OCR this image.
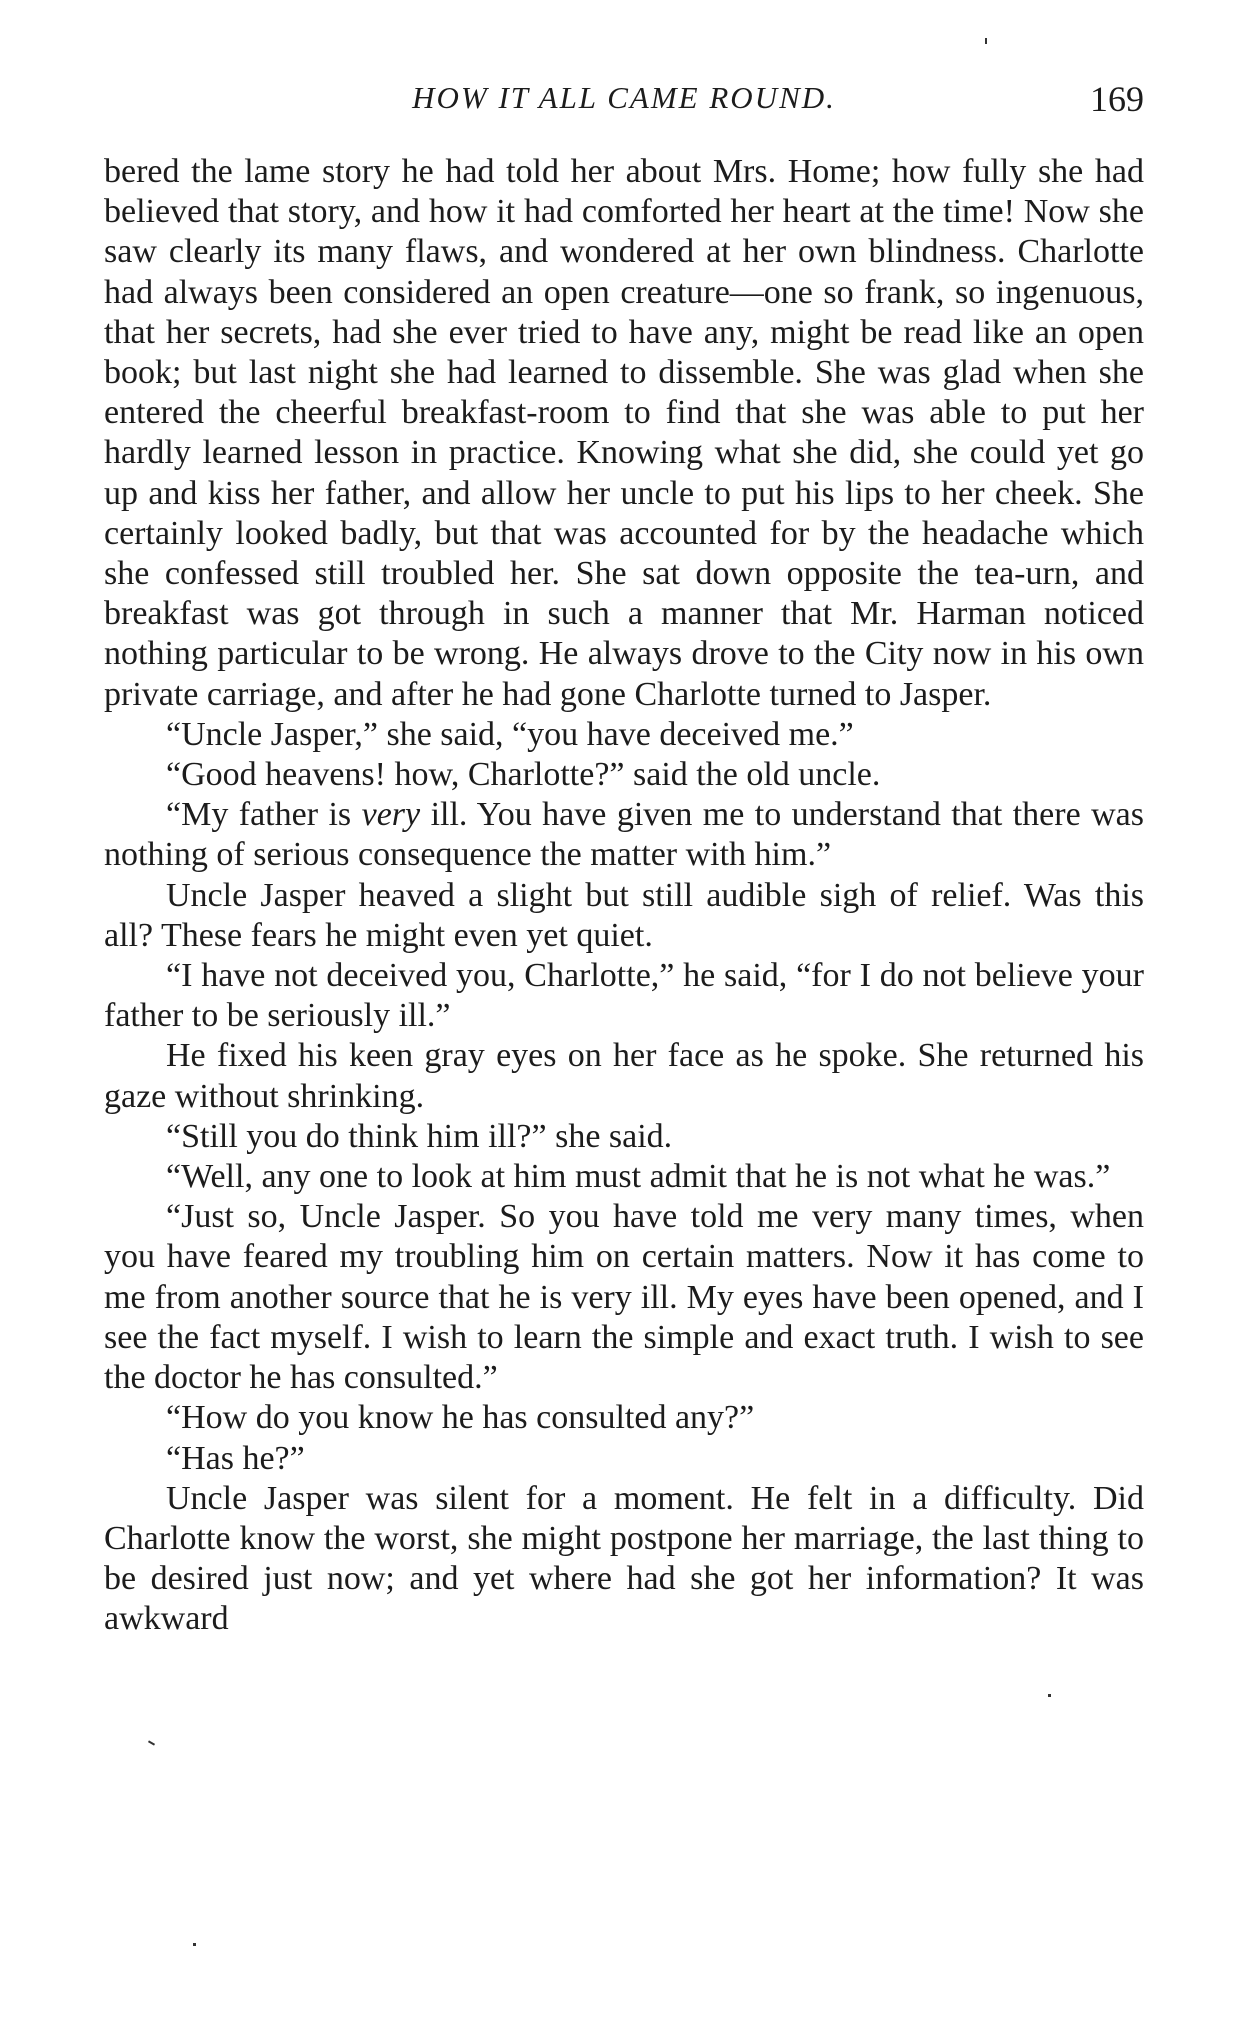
HOW IT ALL CAME ROUND.	169

bered the lame story he had told her about Mrs. Home; how fully she had believed that story, and how it had comforted her heart at the time! Now she saw clearly its many flaws, and wondered at her own blindness. Charlotte had always been considered an open creature—one so frank, so ingenuous, that her secrets, had she ever tried to have any, might be read like an open book; but last night she had learned to dissemble. She was glad when she entered the cheerful breakfast-room to find that she was able to put her hardly learned lesson in practice. Knowing what she did, she could yet go up and kiss her father, and allow her uncle to put his lips to her cheek. She certainly looked badly, but that was accounted for by the headache which she confessed still troubled her. She sat down opposite the tea-urn, and breakfast was got through in such a manner that Mr. Harman noticed nothing particular to be wrong. He always drove to the City now in his own private carriage, and after he had gone Charlotte turned to Jasper.

“Uncle Jasper,” she said, “you have deceived me.”

“Good heavens! how, Charlotte?” said the old uncle.

“My father is very ill. You have given me to understand that there was nothing of serious consequence the matter with him.”

Uncle Jasper heaved a slight but still audible sigh of relief. Was this all? These fears he might even yet quiet.

“I have not deceived you, Charlotte,” he said, “for I do not believe your father to be seriously ill.”

He fixed his keen gray eyes on her face as he spoke. She returned his gaze without shrinking.

“Still you do think him ill?” she said.

“Well, any one to look at him must admit that he is not what he was.”

“Just so, Uncle Jasper. So you have told me very many times, when you have feared my troubling him on certain matters. Now it has come to me from another source that he is very ill. My eyes have been opened, and I see the fact myself. I wish to learn the simple and exact truth. I wish to see the doctor he has consulted.”

“How do you know he has consulted any?”

“Has he?”

Uncle Jasper was silent for a moment. He felt in a difficulty. Did Charlotte know the worst, she might postpone her marriage, the last thing to be desired just now; and yet where had she got her information? It was awkward
